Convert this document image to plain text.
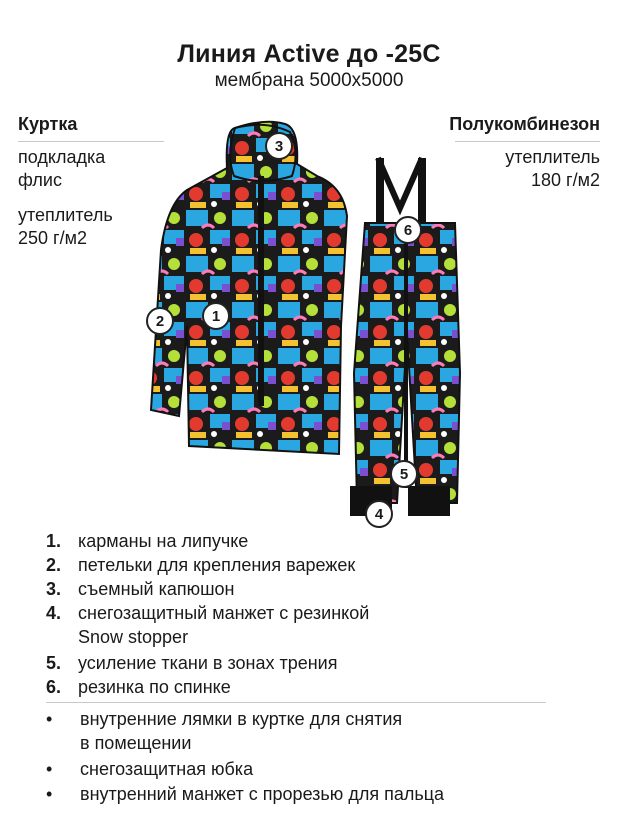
Линия Active до -25С
мембрана 5000х5000
Куртка
подкладка
флис
утеплитель
250 г/м2
Полукомбинезон
утеплитель
180 г/м2
1
2
3
4
5
6
1. карманы на липучке
2. петельки для крепления варежек
3. съемный капюшон
4. снегозащитный манжет с резинкой
Snow stopper
5. усиление ткани в зонах трения
6. резинка по спинке
• внутренние лямки в куртке для снятия
в помещении
• снегозащитная юбка
• внутренний манжет с прорезью для пальца
